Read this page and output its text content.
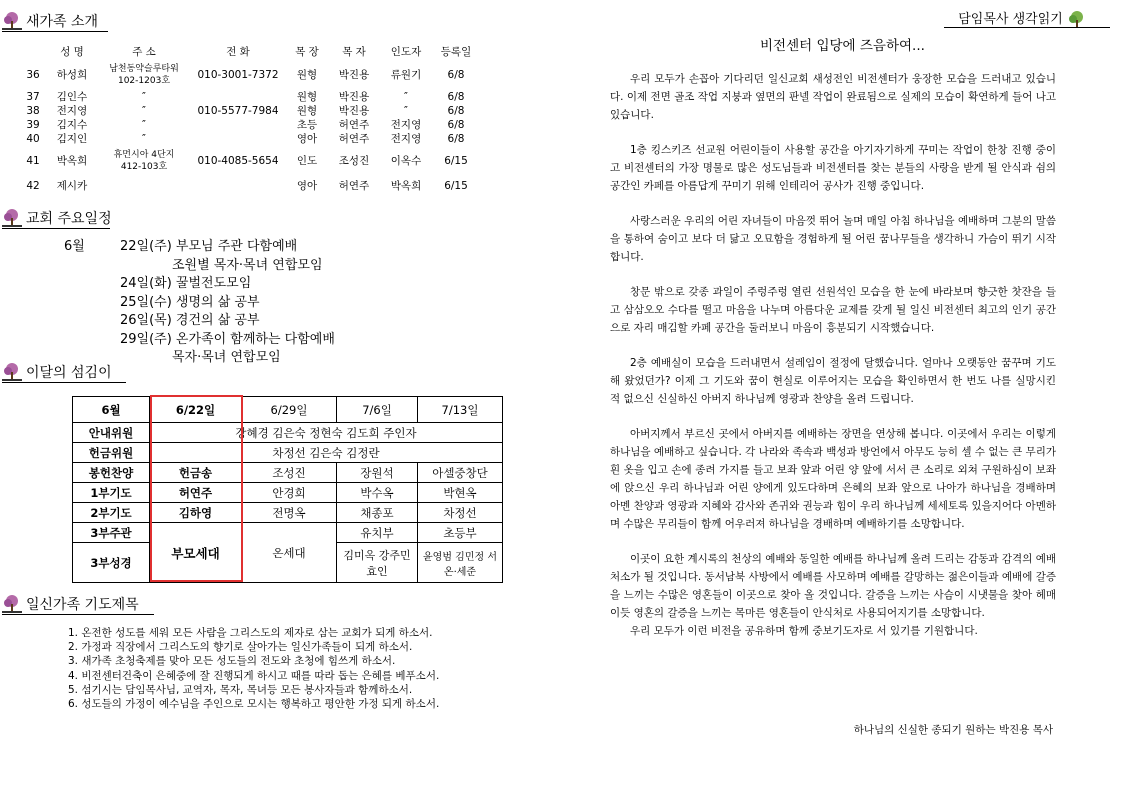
새가족 소개
	성 명	주 소	전 화	목 장	목 자	인도자	등록일
36	하성희	남천동약슬루타워 102-1203호	010-3001-7372	원형	박진용	류원기	6/8
37	김인수	″		원형	박진용	″	6/8
38	전지영	″	010-5577-7984	원형	박진용	″	6/8
39	김지수	″		초등	허연주	전지영	6/8
40	김지인	″		영아	허연주	전지영	6/8
41	박옥희	휴먼시아 4단지 412-103호	010-4085-5654	인도	조성진	이옥수	6/15
42	제시카			영아	허연주	박옥희	6/15
교회 주요일정
6월	22일(주) 부모님 주관 다함예배
조원별 목자·목녀 연합모임
24일(화) 꿀벌전도모임
25일(수) 생명의 삶 공부
26일(목) 경건의 삶 공부
29일(주) 온가족이 함께하는 다함예배
목자·목녀 연합모임
이달의 섬김이
6월	6/22일	6/29일	7/6일	7/13일
안내위원	강혜경 김은숙 정현숙 김도희 주인자			
헌금위원	차정선 김은숙 김정란			
봉헌찬양	헌금송	조성진	장원석	아셀중창단
1부기도	허연주	안경희	박수옥	박현옥
2부기도	김하영	전명옥	채종포	차정선
3부주관	부모세대	온세대	유치부	초등부
3부성경			김미옥 강주민 효인	윤영범 김민정 서온·세준
일신가족 기도제목
1. 온전한 성도를 세워 모든 사람을 그리스도의 제자로 삼는 교회가 되게 하소서.
2. 가정과 직장에서 그리스도의 향기로 살아가는 일신가족들이 되게 하소서.
3. 새가족 초청축제를 맞아 모든 성도들의 전도와 초청에 힘쓰게 하소서.
4. 비전센터건축이 은혜중에 잘 진행되게 하시고 때를 따라 돕는 은혜를 베푸소서.
5. 섬기시는 담임목사님, 교역자, 목자, 목녀등 모든 봉사자들과 함께하소서.
6. 성도들의 가정이 예수님을 주인으로 모시는 행복하고 평안한 가정 되게 하소서.
담임목사 생각읽기
비전센터 입당에 즈음하여...

우리 모두가 손꼽아 기다리던 일신교회 새성전인 비전센터가 웅장한 모습을 드러내고 있습니다. 이제 전면 골조 작업 지붕과 옆면의 판넬 작업이 완료됨으로 실제의 모습이 확연하게 들어 나고 있습니다.

1층 킹스키즈 선교원 어린이들이 사용할 공간을 아기자기하게 꾸미는 작업이 한창 진행 중이고 비전센터의 가장 명물로 많은 성도님들과 비전센터를 찾는 분들의 사랑을 받게 될 안식과 쉼의 공간인 카페를 아름답게 꾸미기 위해 인테리어 공사가 진행 중입니다.

사랑스러운 우리의 어린 자녀들이 마음껏 뛰어 놀며 매일 아침 하나님을 예배하며 그분의 말씀을 통하여 숨이고 보다 더 닮고 오묘함을 경험하게 될 어린 꿈나무들을 생각하니 가슴이 뛰기 시작합니다.

창문 밖으로 갖종 과일이 주렁주렁 열린 선원석인 모습을 한 눈에 바라보며 향긋한 찻잔을 들고 삼삼오오 수다를 떨고 마음을 나누며 아름다운 교제를 갖게 될 일신 비전센터 최고의 인기 공간으로 자리 매김할 카페 공간을 둘러보니 마음이 흥분되기 시작했습니다.

2층 예배실이 모습을 드러내면서 설레임이 절정에 달했습니다. 얼마나 오랫동안 꿈꾸며 기도해 왔었던가? 이제 그 기도와 꿈이 현실로 이루어지는 모습을 확인하면서 한 번도 나를 실망시킨 적 없으신 신실하신 아버지 하나님께 영광과 찬양을 올려 드립니다.

아버지께서 부르신 곳에서 아버지를 예배하는 장면을 연상해 봅니다. 이곳에서 우리는 이렇게 하나님을 예배하고 싶습니다. 각 나라와 족속과 백성과 방언에서 아무도 능히 셀 수 없는 큰 무리가 흰 옷을 입고 손에 종려 가지를 들고 보좌 앞과 어린 양 앞에 서서 큰 소리로 외쳐 구원하심이 보좌에 앉으신 우리 하나님과 어린 양에게 있도다하며 은혜의 보좌 앞으로 나아가 하나님을 경배하며 아멘 찬양과 영광과 지혜와 감사와 존귀와 권능과 힘이 우리 하나님께 세세토록 있을지어다 아멘하며 수많은 무리들이 함께 어우러져 하나님을 경배하며 예배하기를 소망합니다.

이곳이 요한 계시록의 천상의 예배와 동일한 예배를 하나님께 올려 드리는 감동과 감격의 예배 처소가 될 것입니다. 동서남북 사방에서 예배를 사모하며 예배를 갈망하는 젊은이들과 예배에 갈증을 느끼는 수많은 영혼들이 이곳으로 찾아 올 것입니다. 갈증을 느끼는 사슴이 시냇물을 찾아 헤매이듯 영혼의 갈증을 느끼는 목마른 영혼들이 안식처로 사용되어지기를 소망합니다.

우리 모두가 이런 비전을 공유하며 함께 중보기도자로 서 있기를 기원합니다.

하나님의 신실한 종되기 원하는 박진용 목사
